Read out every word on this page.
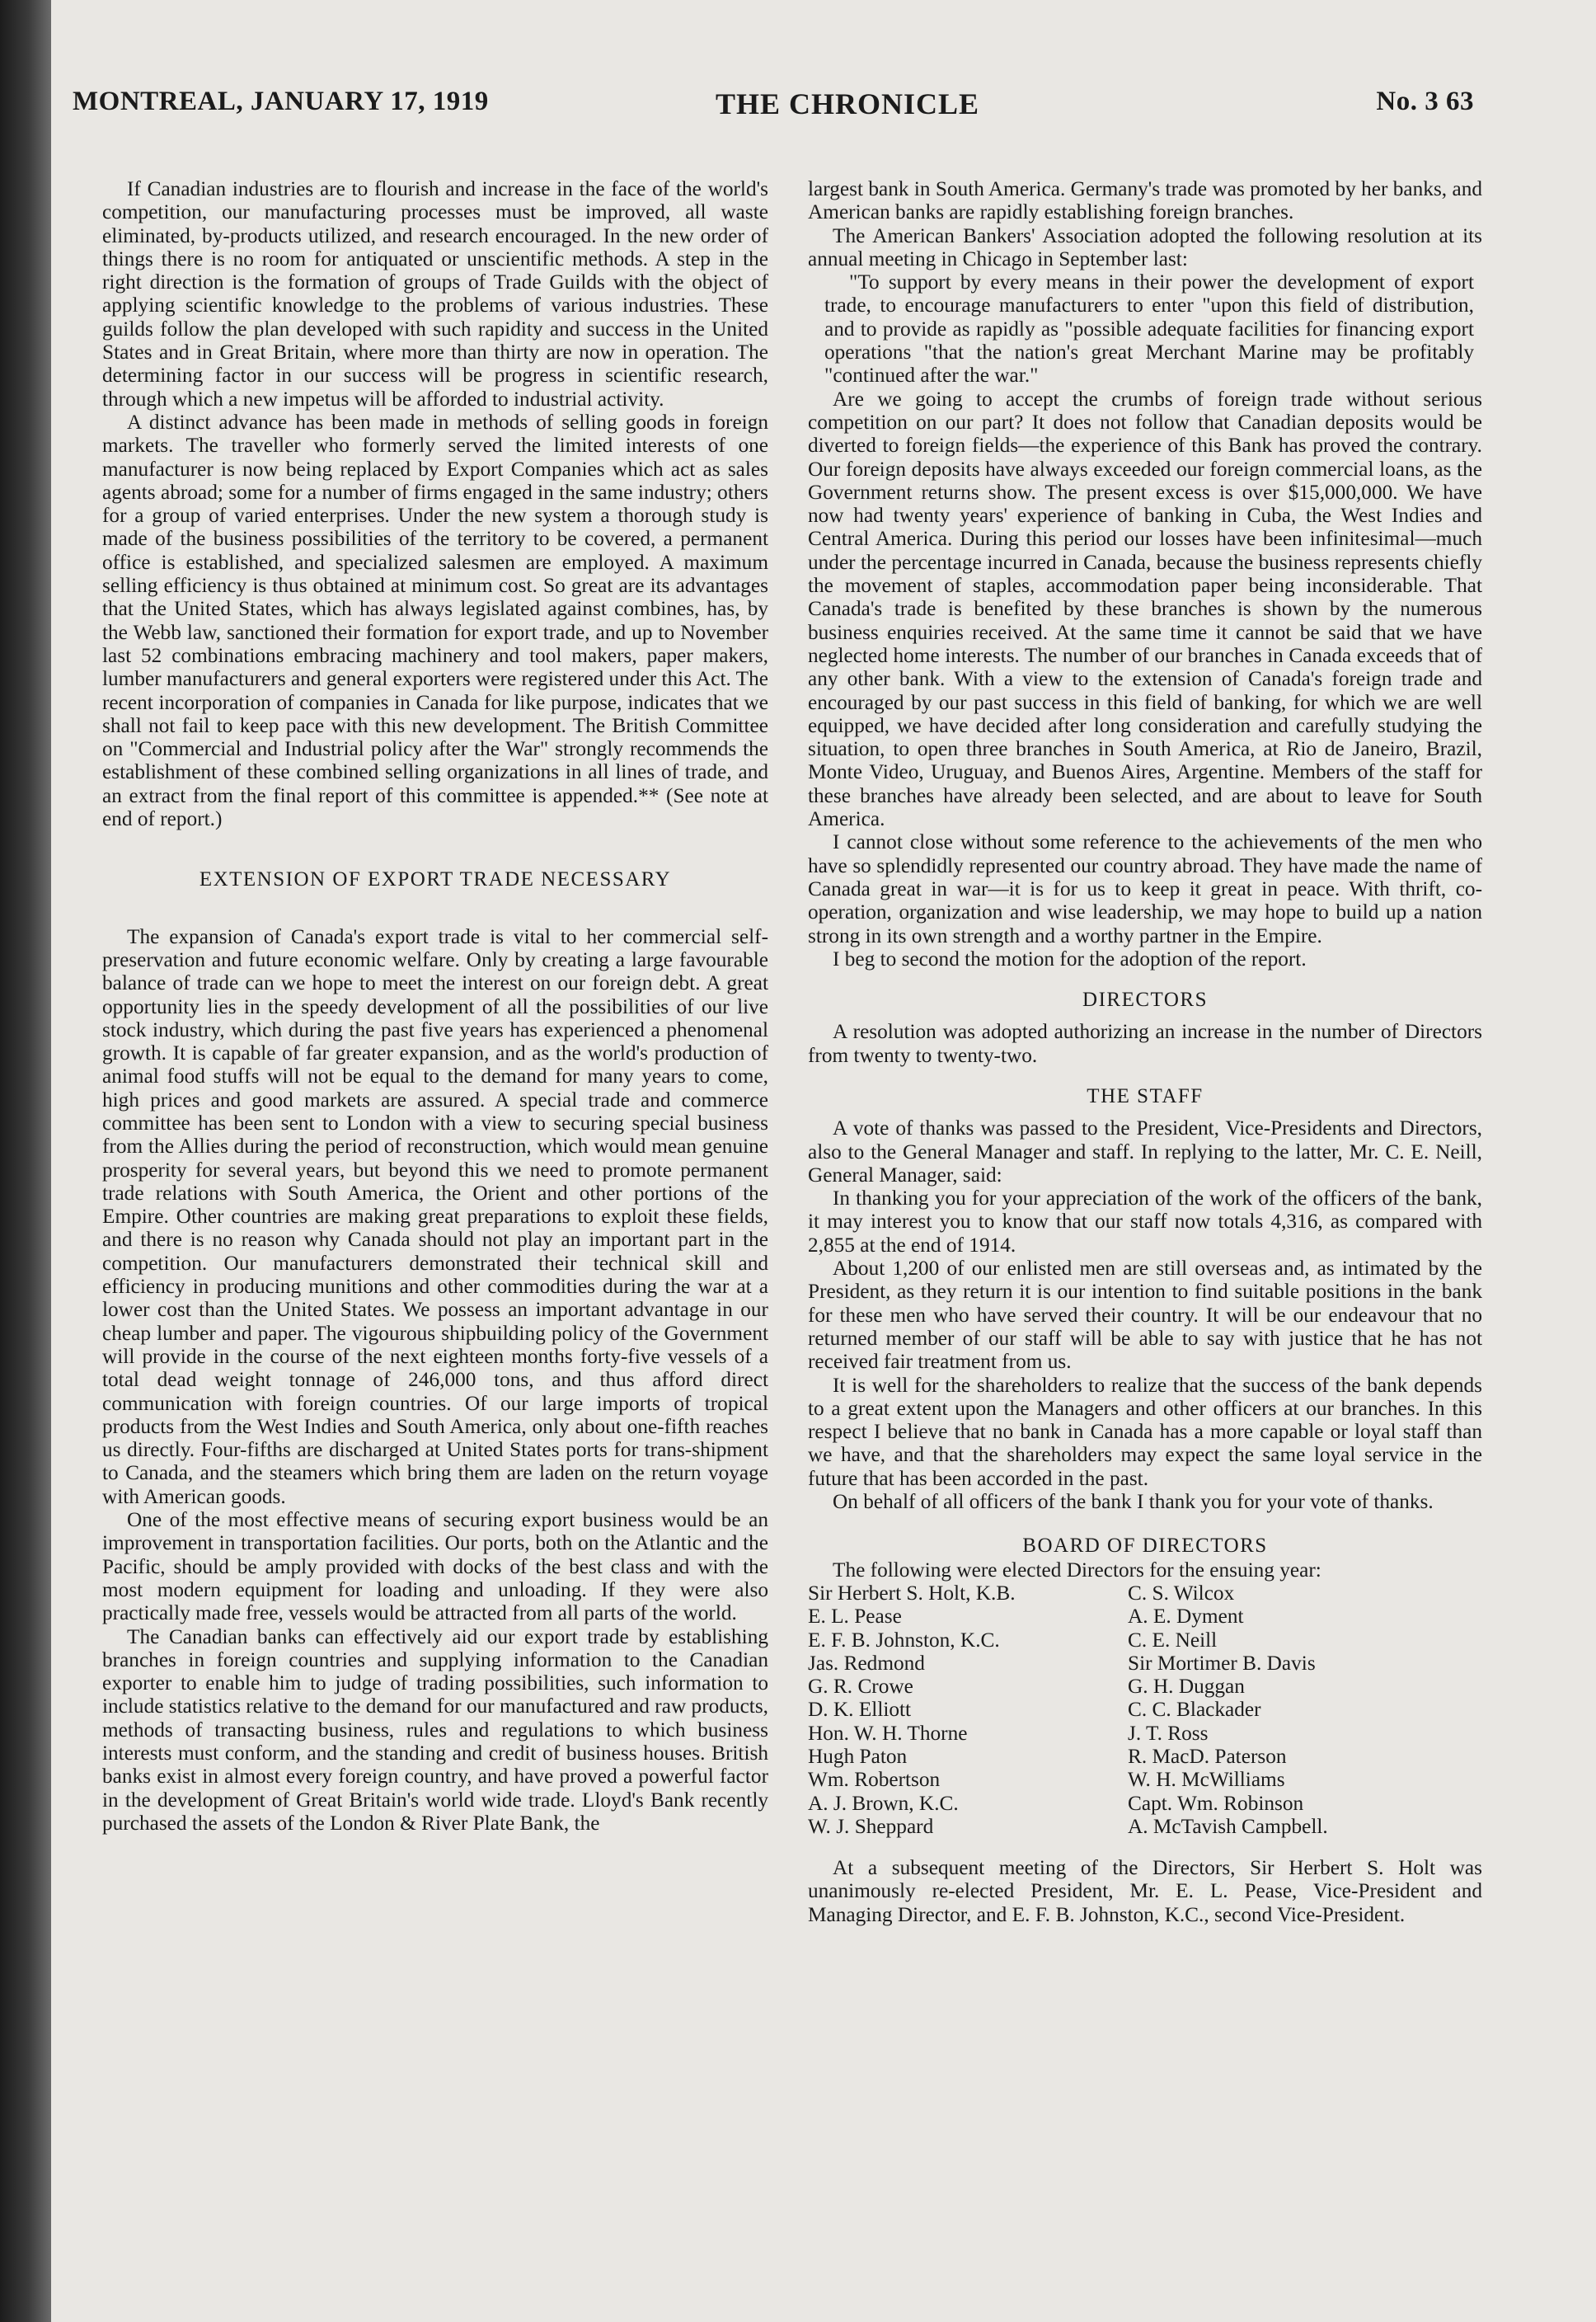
MONTREAL, JANUARY 17, 1919	THE CHRONICLE	No. 3 63

If Canadian industries are to flourish and increase in the face of the world's competition, our manufacturing processes must be improved, all waste eliminated, by-products utilized, and research encouraged. In the new order of things there is no room for antiquated or unscientific methods. A step in the right direction is the formation of groups of Trade Guilds with the object of applying scientific knowledge to the problems of various industries. These guilds follow the plan developed with such rapidity and success in the United States and in Great Britain, where more than thirty are now in operation. The determining factor in our success will be progress in scientific research, through which a new impetus will be afforded to industrial activity.

A distinct advance has been made in methods of selling goods in foreign markets. The traveller who formerly served the limited interests of one manufacturer is now being replaced by Export Companies which act as sales agents abroad; some for a number of firms engaged in the same industry; others for a group of varied enterprises. Under the new system a thorough study is made of the business possibilities of the territory to be covered, a permanent office is established, and specialized salesmen are employed. A maximum selling efficiency is thus obtained at minimum cost. So great are its advantages that the United States, which has always legislated against combines, has, by the Webb law, sanctioned their formation for export trade, and up to November last 52 combinations embracing machinery and tool makers, paper makers, lumber manufacturers and general exporters were registered under this Act. The recent incorporation of companies in Canada for like purpose, indicates that we shall not fail to keep pace with this new development. The British Committee on "Commercial and Industrial policy after the War" strongly recommends the establishment of these combined selling organizations in all lines of trade, and an extract from the final report of this committee is appended.** (See note at end of report.)

EXTENSION OF EXPORT TRADE NECESSARY

The expansion of Canada's export trade is vital to her commercial self-preservation and future economic welfare. Only by creating a large favourable balance of trade can we hope to meet the interest on our foreign debt. A great opportunity lies in the speedy development of all the possibilities of our live stock industry, which during the past five years has experienced a phenomenal growth. It is capable of far greater expansion, and as the world's production of animal food stuffs will not be equal to the demand for many years to come, high prices and good markets are assured. A special trade and commerce committee has been sent to London with a view to securing special business from the Allies during the period of reconstruction, which would mean genuine prosperity for several years, but beyond this we need to promote permanent trade relations with South America, the Orient and other portions of the Empire. Other countries are making great preparations to exploit these fields, and there is no reason why Canada should not play an important part in the competition. Our manufacturers demonstrated their technical skill and efficiency in producing munitions and other commodities during the war at a lower cost than the United States. We possess an important advantage in our cheap lumber and paper. The vigourous shipbuilding policy of the Government will provide in the course of the next eighteen months forty-five vessels of a total dead weight tonnage of 246,000 tons, and thus afford direct communication with foreign countries. Of our large imports of tropical products from the West Indies and South America, only about one-fifth reaches us directly. Four-fifths are discharged at United States ports for trans-shipment to Canada, and the steamers which bring them are laden on the return voyage with American goods.

One of the most effective means of securing export business would be an improvement in transportation facilities. Our ports, both on the Atlantic and the Pacific, should be amply provided with docks of the best class and with the most modern equipment for loading and unloading. If they were also practically made free, vessels would be attracted from all parts of the world.

The Canadian banks can effectively aid our export trade by establishing branches in foreign countries and supplying information to the Canadian exporter to enable him to judge of trading possibilities, such information to include statistics relative to the demand for our manufactured and raw products, methods of transacting business, rules and regulations to which business interests must conform, and the standing and credit of business houses. British banks exist in almost every foreign country, and have proved a powerful factor in the development of Great Britain's world wide trade. Lloyd's Bank recently purchased the assets of the London & River Plate Bank, the

largest bank in South America. Germany's trade was promoted by her banks, and American banks are rapidly establishing foreign branches.

The American Bankers' Association adopted the following resolution at its annual meeting in Chicago in September last:

"To support by every means in their power the development of export trade, to encourage manufacturers to enter "upon this field of distribution, and to provide as rapidly as "possible adequate facilities for financing export operations "that the nation's great Merchant Marine may be profitably "continued after the war."

Are we going to accept the crumbs of foreign trade without serious competition on our part? It does not follow that Canadian deposits would be diverted to foreign fields—the experience of this Bank has proved the contrary. Our foreign deposits have always exceeded our foreign commercial loans, as the Government returns show. The present excess is over $15,000,000. We have now had twenty years' experience of banking in Cuba, the West Indies and Central America. During this period our losses have been infinitesimal—much under the percentage incurred in Canada, because the business represents chiefly the movement of staples, accommodation paper being inconsiderable. That Canada's trade is benefited by these branches is shown by the numerous business enquiries received. At the same time it cannot be said that we have neglected home interests. The number of our branches in Canada exceeds that of any other bank. With a view to the extension of Canada's foreign trade and encouraged by our past success in this field of banking, for which we are well equipped, we have decided after long consideration and carefully studying the situation, to open three branches in South America, at Rio de Janeiro, Brazil, Monte Video, Uruguay, and Buenos Aires, Argentine. Members of the staff for these branches have already been selected, and are about to leave for South America.

I cannot close without some reference to the achievements of the men who have so splendidly represented our country abroad. They have made the name of Canada great in war—it is for us to keep it great in peace. With thrift, co-operation, organization and wise leadership, we may hope to build up a nation strong in its own strength and a worthy partner in the Empire.

I beg to second the motion for the adoption of the report.

DIRECTORS

A resolution was adopted authorizing an increase in the number of Directors from twenty to twenty-two.

THE STAFF

A vote of thanks was passed to the President, Vice-Presidents and Directors, also to the General Manager and staff. In replying to the latter, Mr. C. E. Neill, General Manager, said:

In thanking you for your appreciation of the work of the officers of the bank, it may interest you to know that our staff now totals 4,316, as compared with 2,855 at the end of 1914.

About 1,200 of our enlisted men are still overseas and, as intimated by the President, as they return it is our intention to find suitable positions in the bank for these men who have served their country. It will be our endeavour that no returned member of our staff will be able to say with justice that he has not received fair treatment from us.

It is well for the shareholders to realize that the success of the bank depends to a great extent upon the Managers and other officers at our branches. In this respect I believe that no bank in Canada has a more capable or loyal staff than we have, and that the shareholders may expect the same loyal service in the future that has been accorded in the past.

On behalf of all officers of the bank I thank you for your vote of thanks.

BOARD OF DIRECTORS

The following were elected Directors for the ensuing year:

Sir Herbert S. Holt, K.B.	C. S. Wilcox
E. L. Pease	A. E. Dyment
E. F. B. Johnston, K.C.	C. E. Neill
Jas. Redmond	Sir Mortimer B. Davis
G. R. Crowe	G. H. Duggan
D. K. Elliott	C. C. Blackader
Hon. W. H. Thorne	J. T. Ross
Hugh Paton	R. MacD. Paterson
Wm. Robertson	W. H. McWilliams
A. J. Brown, K.C.	Capt. Wm. Robinson
W. J. Sheppard	A. McTavish Campbell.

At a subsequent meeting of the Directors, Sir Herbert S. Holt was unanimously re-elected President, Mr. E. L. Pease, Vice-President and Managing Director, and E. F. B. Johnston, K.C., second Vice-President.
